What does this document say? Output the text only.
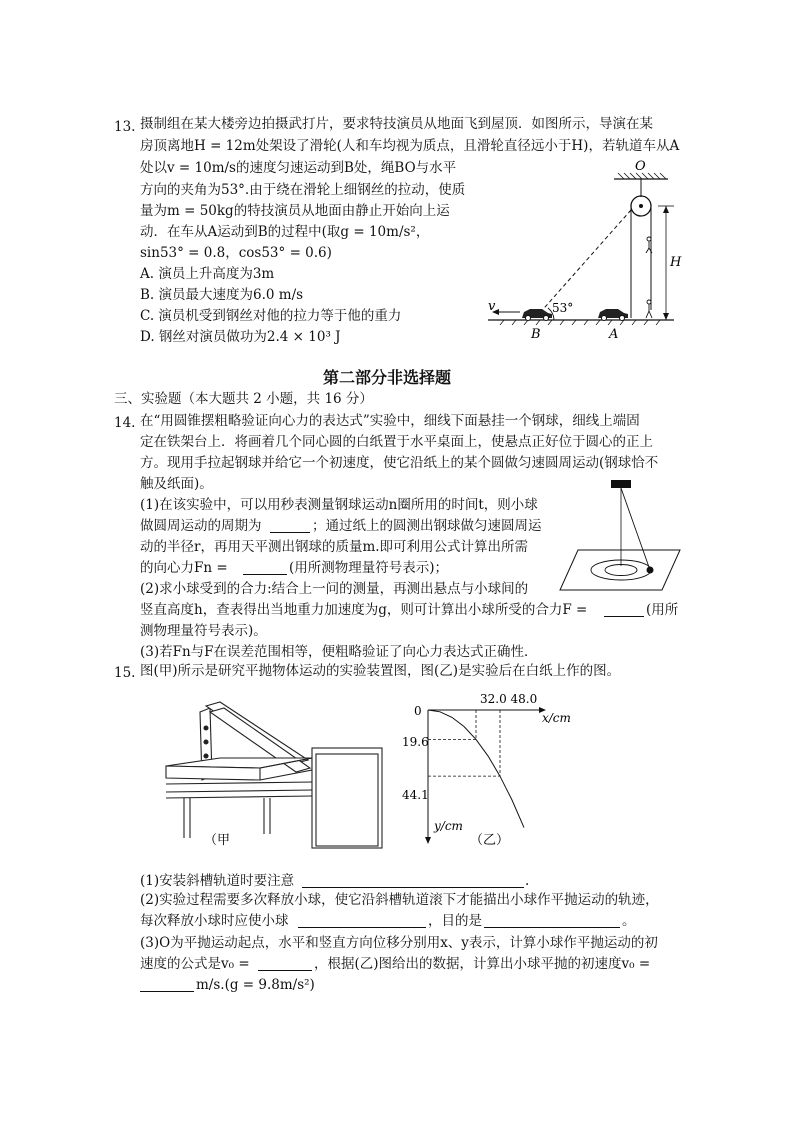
13. 摄制组在某大楼旁边拍摄武打片，要求特技演员从地面飞到屋顶．如图所示，导演在某
房顶离地H = 12m处架设了滑轮(人和车均视为质点，且滑轮直径远小于H)，若轨道车从A
处以v = 10m/s的速度匀速运动到B处，绳BO与水平
方向的夹角为53°.由于绕在滑轮上细钢丝的拉动，使质
量为m = 50kg的特技演员从地面由静止开始向上运
动．在车从A运动到B的过程中(取g = 10m/s²，
sin53° = 0.8，cos53° = 0.6)
A. 演员上升高度为3m
B. 演员最大速度为6.0 m/s
C. 演员机受到钢丝对他的拉力等于他的重力
D. 钢丝对演员做功为2.4 × 10³ J
O
H
v	53°
B	A
第二部分非选择题
三、实验题（本大题共 2 小题，共 16 分）
14. 在“用圆锥摆粗略验证向心力的表达式”实验中，细线下面悬挂一个钢球，细线上端固
定在铁架台上．将画着几个同心圆的白纸置于水平桌面上，使悬点正好位于圆心的正上
方。现用手拉起钢球并给它一个初速度，使它沿纸上的某个圆做匀速圆周运动(钢球恰不
触及纸面)。
(1)在该实验中，可以用秒表测量钢球运动n圈所用的时间t，则小球
做圆周运动的周期为	；通过纸上的圆测出钢球做匀速圆周运
动的半径r，再用天平测出钢球的质量m.即可利用公式计算出所需
的向心力Fn =	(用所测物理量符号表示)；
(2)求小球受到的合力:结合上一问的测量，再测出悬点与小球间的
竖直高度h，查表得出当地重力加速度为g，则可计算出小球所受的合力F =	(用所
测物理量符号表示)。
(3)若Fn与F在误差范围相等，便粗略验证了向心力表达式正确性．
15. 图(甲)所示是研究平抛物体运动的实验装置图，图(乙)是实验后在白纸上作的图。
（甲
0
32.0 48.0
x/cm
y/cm
19.6
44.1
（乙）
(1)安装斜槽轨道时要注意	.
(2)实验过程需要多次释放小球，使它沿斜槽轨道滚下才能描出小球作平抛运动的轨迹，
每次释放小球时应使小球	，目的是	。
(3)O为平抛运动起点，水平和竖直方向位移分别用x、y表示，计算小球作平抛运动的初
速度的公式是v₀ =	，根据(乙)图给出的数据，计算出小球平抛的初速度v₀ =
m/s.(g = 9.8m/s²)
